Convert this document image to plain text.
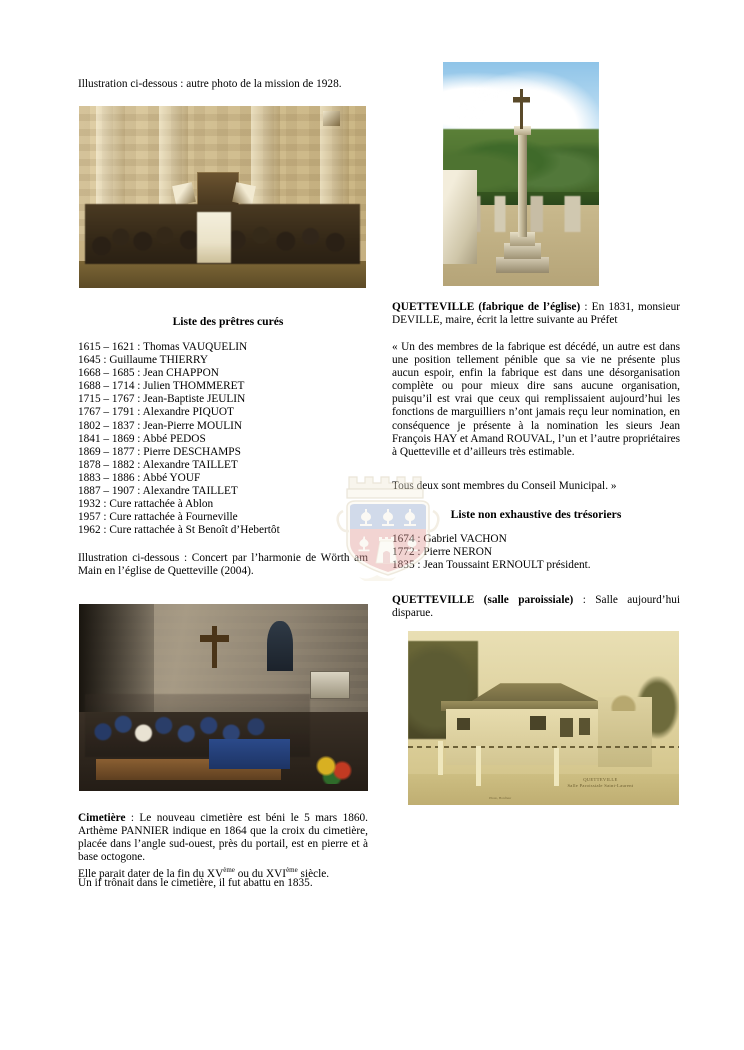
Illustration ci-dessous : autre photo de la mission de 1928.
Liste des prêtres curés
1615 – 1621 : Thomas VAUQUELIN
1645 : Guillaume THIERRY
1668 – 1685 : Jean CHAPPON
1688 – 1714 : Julien THOMMERET
1715 – 1767 : Jean-Baptiste JEULIN
1767 – 1791 : Alexandre PIQUOT
1802 – 1837 : Jean-Pierre MOULIN
1841 – 1869 : Abbé PEDOS
1869 – 1877 : Pierre DESCHAMPS
1878 – 1882 : Alexandre TAILLET
1883 – 1886 : Abbé YOUF
1887 – 1907 : Alexandre TAILLET
1932 : Cure rattachée à Ablon
1957 : Cure rattachée à Fourneville
1962 : Cure rattachée à St Benoît d’Hebertôt
Illustration ci-dessous : Concert par l’harmonie de Wörth am Main en l’église de Quetteville (2004).
Cimetière : Le nouveau cimetière est béni le 5 mars 1860. Arthème PANNIER indique en 1864 que la croix du cimetière, placée dans l’angle sud-ouest, près du portail, est en pierre et à base octogone.
Elle parait dater de la fin du XVème ou du XVIème siècle.
Un if trônait dans le cimetière, il fut abattu en 1835.
QUETTEVILLE (fabrique de l’église) : En 1831, monsieur DEVILLE, maire, écrit la lettre suivante au Préfet
« Un des membres de la fabrique est décédé, un autre est dans une position tellement pénible que sa vie ne présente plus aucun espoir, enfin la fabrique est dans une désorganisation complète ou pour mieux dire sans aucune organisation, puisqu’il est vrai que ceux qui remplissaient aujourd’hui les fonctions de marguilliers n’ont jamais reçu leur nomination, en conséquence je présente à la nomination les sieurs Jean François HAY et Amand ROUVAL, l’un et l’autre propriétaires à Quetteville et d’ailleurs très estimable.
Tous deux sont membres du Conseil Municipal. »
Liste non exhaustive des trésoriers
1674 : Gabriel VACHON
1772 : Pierre NERON
1835 : Jean Toussaint ERNOULT président.
QUETTEVILLE (salle paroissiale) : Salle aujourd’hui disparue.
QUETTEVILLE
Salle Paroissiale Saint-Laurent
Photo, Honfleur
